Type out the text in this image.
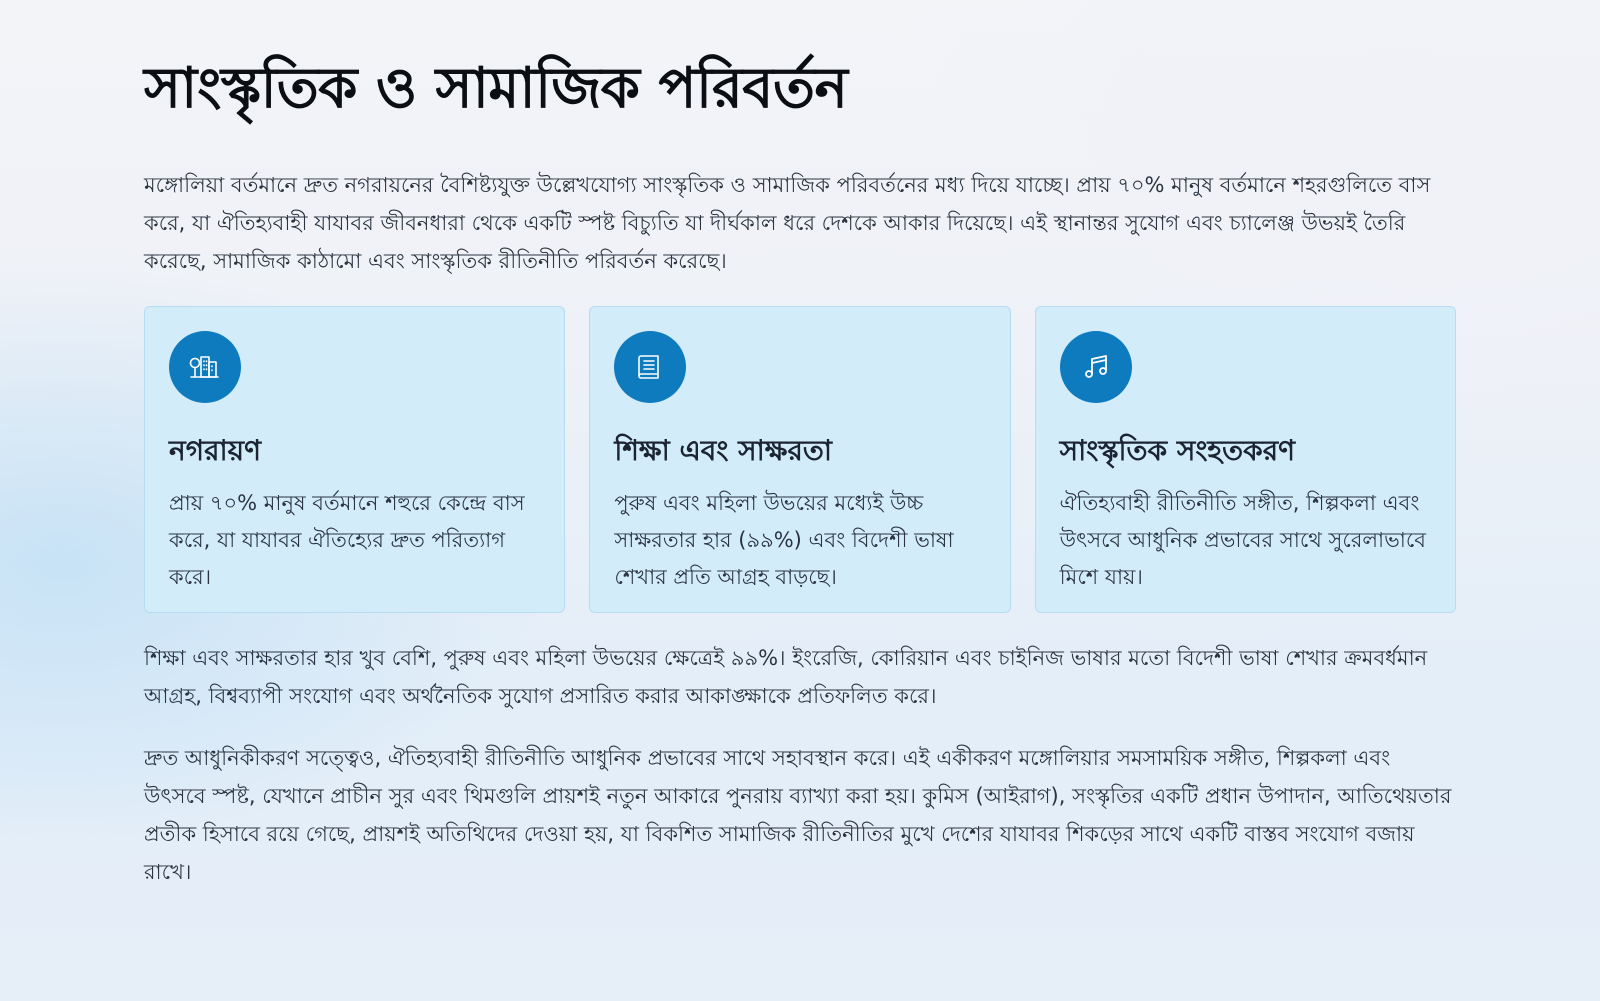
সাংস্কৃতিক ও সামাজিক পরিবর্তন

মঙ্গোলিয়া বর্তমানে দ্রুত নগরায়নের বৈশিষ্ট্যযুক্ত উল্লেখযোগ্য সাংস্কৃতিক ও সামাজিক পরিবর্তনের মধ্য দিয়ে যাচ্ছে। প্রায় ৭০% মানুষ বর্তমানে শহরগুলিতে বাস করে, যা ঐতিহ্যবাহী যাযাবর জীবনধারা থেকে একটি স্পষ্ট বিচ্যুতি যা দীর্ঘকাল ধরে দেশকে আকার দিয়েছে। এই স্থানান্তর সুযোগ এবং চ্যালেঞ্জ উভয়ই তৈরি করেছে, সামাজিক কাঠামো এবং সাংস্কৃতিক রীতিনীতি পরিবর্তন করেছে।

নগরায়ণ

প্রায় ৭০% মানুষ বর্তমানে শহুরে কেন্দ্রে বাস করে, যা যাযাবর ঐতিহ্যের দ্রুত পরিত্যাগ করে।

শিক্ষা এবং সাক্ষরতা

পুরুষ এবং মহিলা উভয়ের মধ্যেই উচ্চ সাক্ষরতার হার (৯৯%) এবং বিদেশী ভাষা শেখার প্রতি আগ্রহ বাড়ছে।

সাংস্কৃতিক সংহতকরণ

ঐতিহ্যবাহী রীতিনীতি সঙ্গীত, শিল্পকলা এবং উৎসবে আধুনিক প্রভাবের সাথে সুরেলাভাবে মিশে যায়।

শিক্ষা এবং সাক্ষরতার হার খুব বেশি, পুরুষ এবং মহিলা উভয়ের ক্ষেত্রেই ৯৯%। ইংরেজি, কোরিয়ান এবং চাইনিজ ভাষার মতো বিদেশী ভাষা শেখার ক্রমবর্ধমান আগ্রহ, বিশ্বব্যাপী সংযোগ এবং অর্থনৈতিক সুযোগ প্রসারিত করার আকাঙ্ক্ষাকে প্রতিফলিত করে।

দ্রুত আধুনিকীকরণ সত্ত্বেও, ঐতিহ্যবাহী রীতিনীতি আধুনিক প্রভাবের সাথে সহাবস্থান করে। এই একীকরণ মঙ্গোলিয়ার সমসাময়িক সঙ্গীত, শিল্পকলা এবং উৎসবে স্পষ্ট, যেখানে প্রাচীন সুর এবং থিমগুলি প্রায়শই নতুন আকারে পুনরায় ব্যাখ্যা করা হয়। কুমিস (আইরাগ), সংস্কৃতির একটি প্রধান উপাদান, আতিথেয়তার প্রতীক হিসাবে রয়ে গেছে, প্রায়শই অতিথিদের দেওয়া হয়, যা বিকশিত সামাজিক রীতিনীতির মুখে দেশের যাযাবর শিকড়ের সাথে একটি বাস্তব সংযোগ বজায় রাখে।
